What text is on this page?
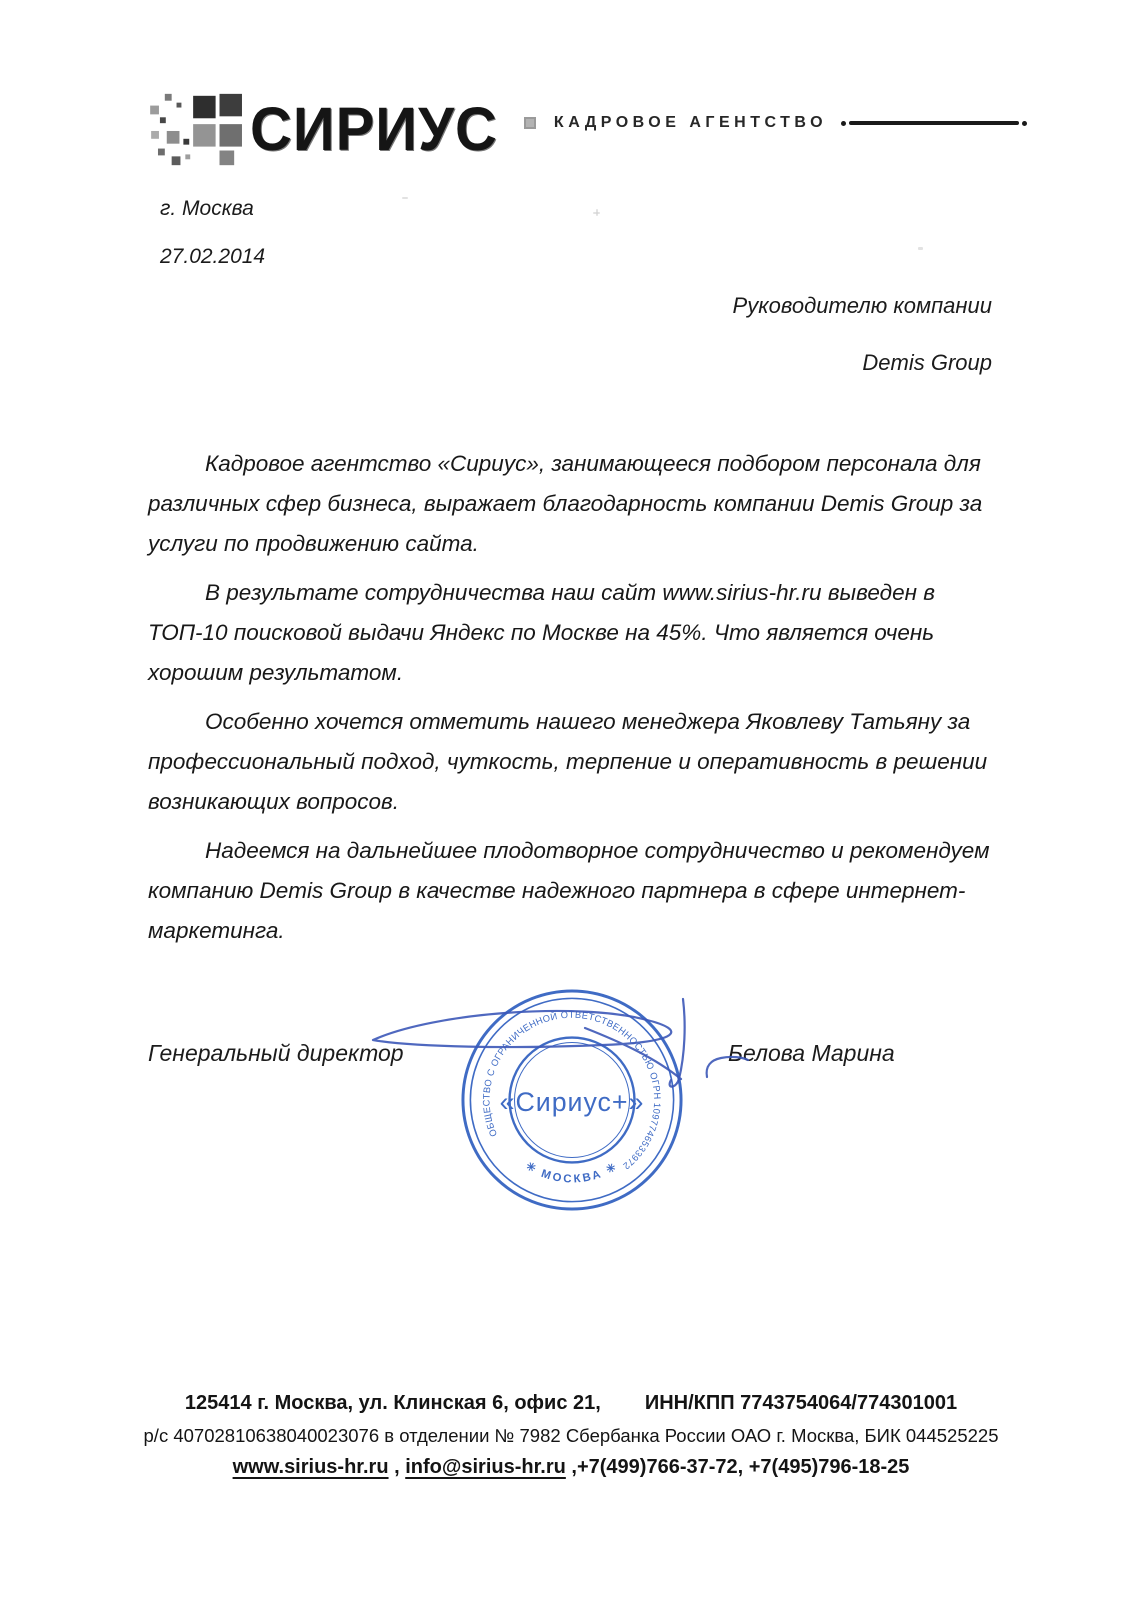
СИРИУС	КАДРОВОЕ АГЕНТСТВО
г. Москва
27.02.2014
Руководителю компании
Demis Group

Кадровое агентство «Сириус», занимающееся подбором персонала для различных сфер бизнеса, выражает благодарность компании Demis Group за услуги по продвижению сайта.

В результате сотрудничества наш сайт www.sirius-hr.ru выведен в ТОП-10 поисковой выдачи Яндекс по Москве на 45%. Что является очень хорошим результатом.

Особенно хочется отметить нашего менеджера Яковлеву Татьяну за профессиональный подход, чуткость, терпение и оперативность в решении возникающих вопросов.

Надеемся на дальнейшее плодотворное сотрудничество и рекомендуем компанию Demis Group в качестве надежного партнера в сфере интернет-маркетинга.

Генеральный директор	Белова Марина
ОБЩЕСТВО С ОГРАНИЧЕННОЙ ОТВЕТСТВЕННОСТЬЮ ОГРН 1097746533972
✳ МОСКВА ✳
«Сириус+»
125414 г. Москва, ул. Клинская 6, офис 21, ИНН/КПП 7743754064/774301001
р/с 40702810638040023076 в отделении № 7982 Сбербанка России ОАО г. Москва, БИК 044525225
www.sirius-hr.ru , info@sirius-hr.ru ,+7(499)766-37-72, +7(495)796-18-25
